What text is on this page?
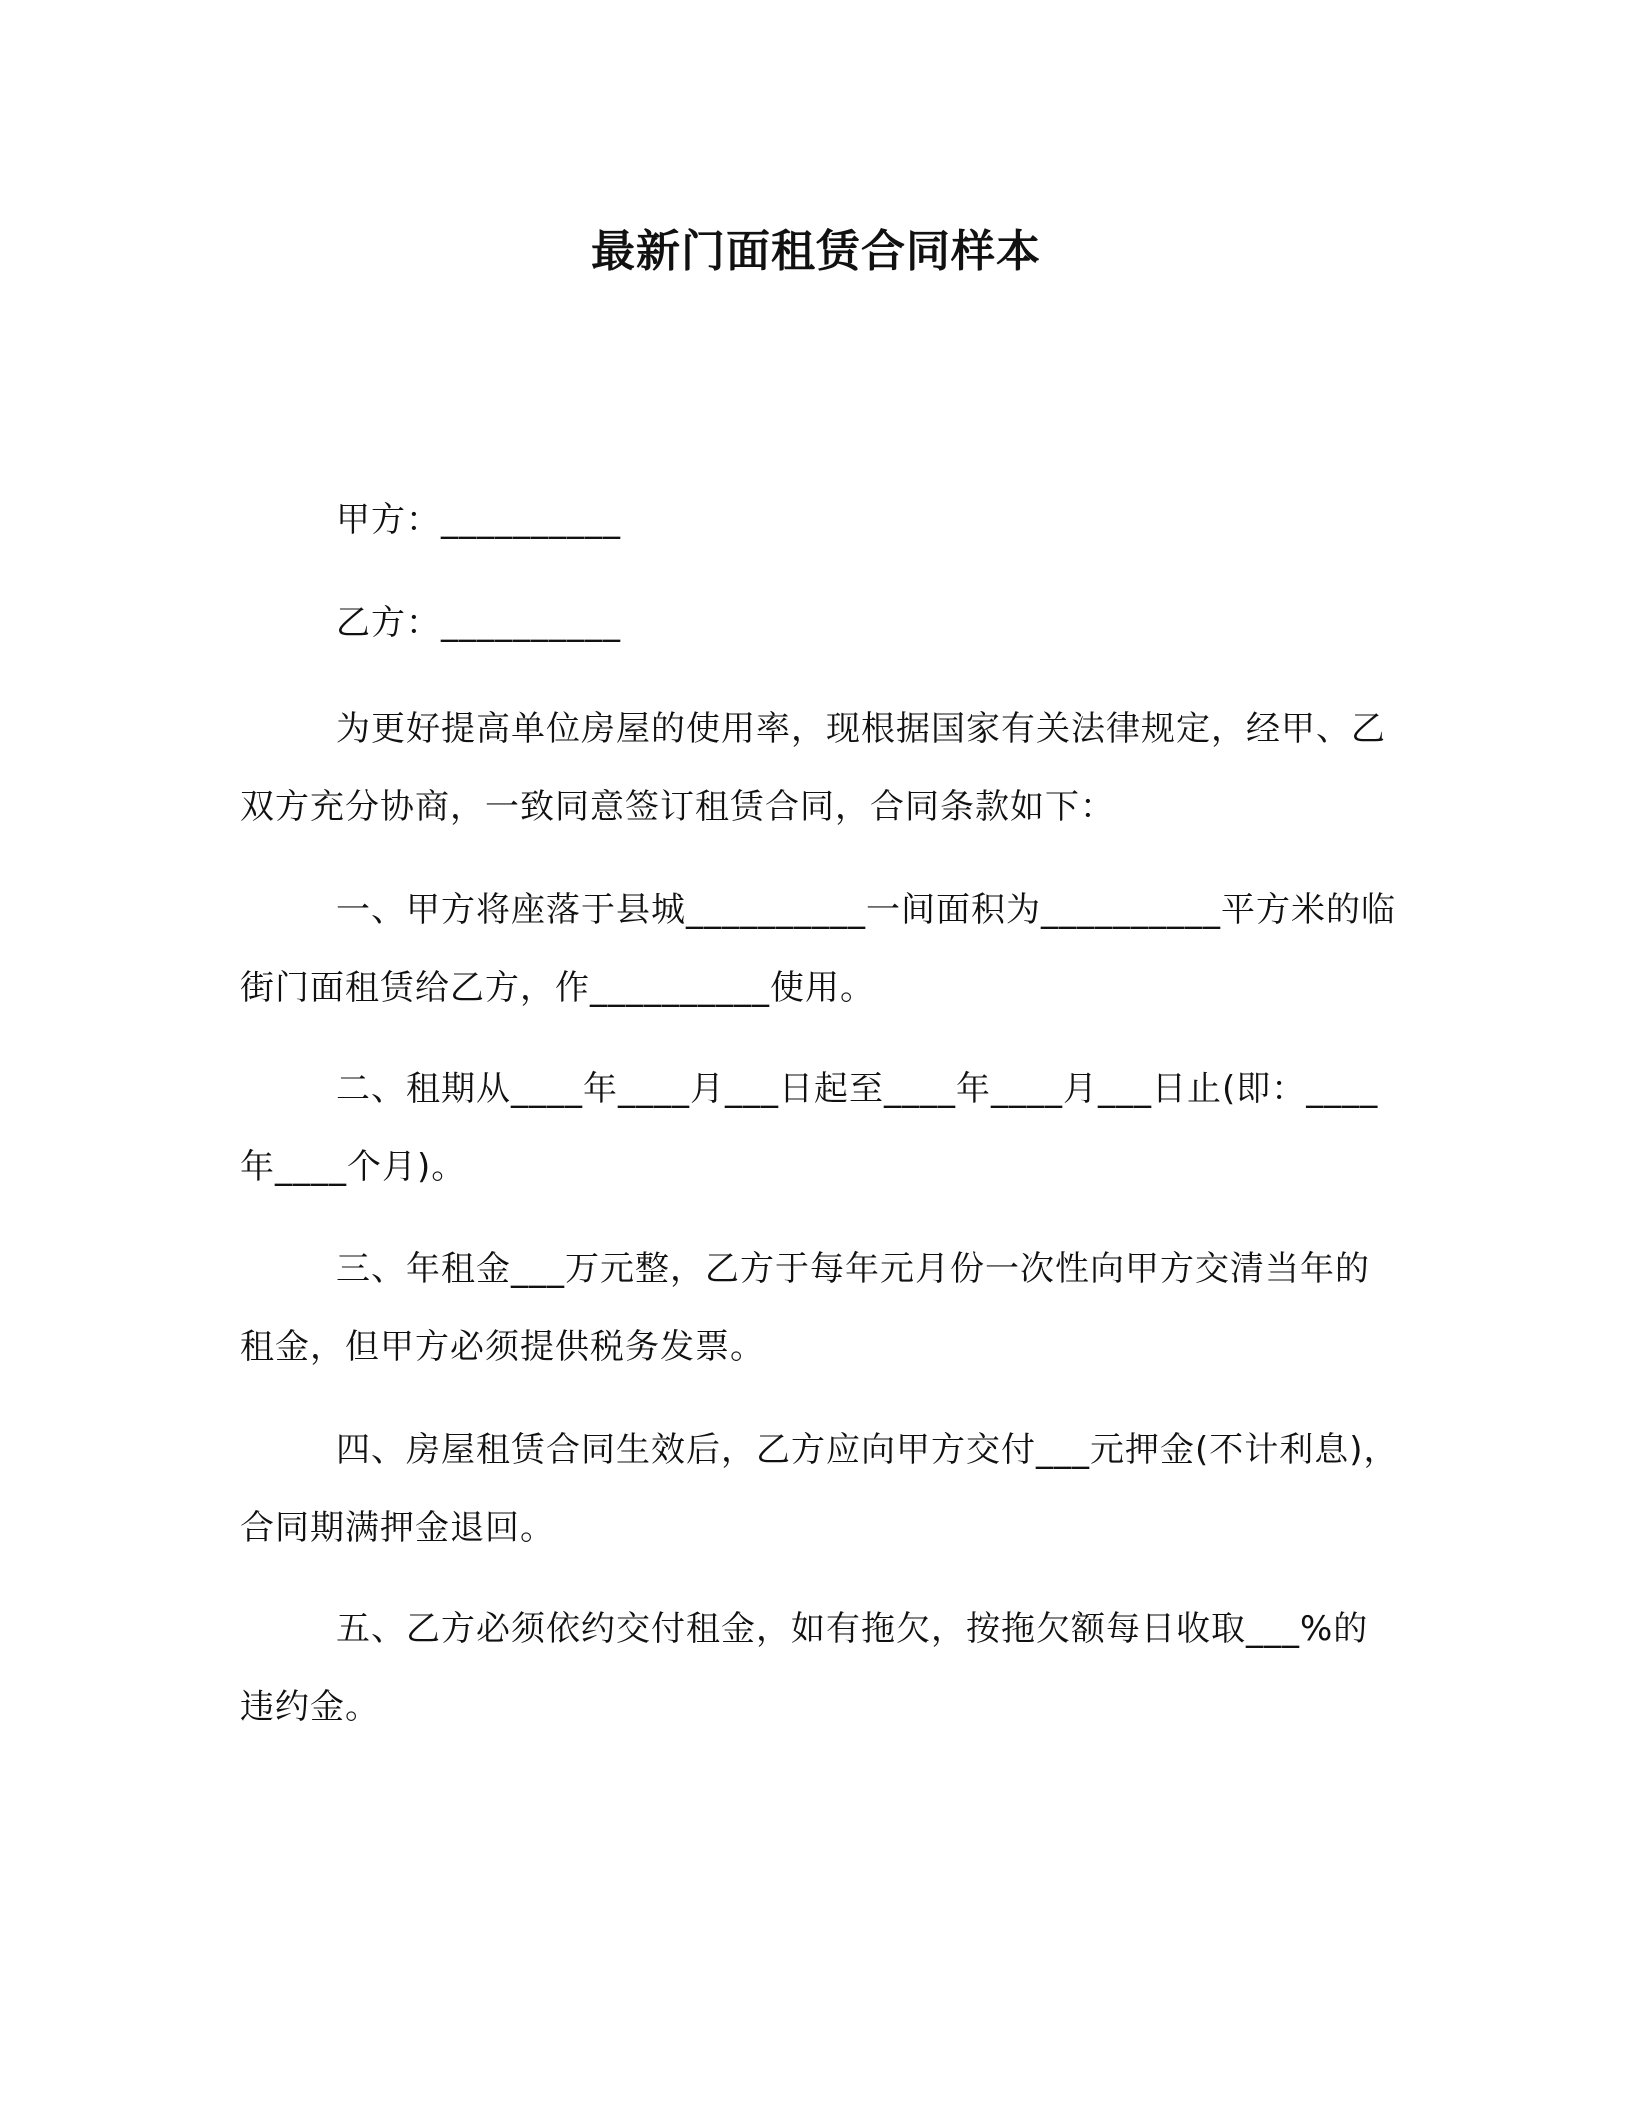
最新门面租赁合同样本

甲方：__________

乙方：__________

为更好提高单位房屋的使用率，现根据国家有关法律规定，经甲、乙双方充分协商，一致同意签订租赁合同，合同条款如下：

一、甲方将座落于县城__________一间面积为__________平方米的临街门面租赁给乙方，作__________使用。

二、租期从____年____月___日起至____年____月___日止(即：____年____个月)。

三、年租金___万元整，乙方于每年元月份一次性向甲方交清当年的租金，但甲方必须提供税务发票。

四、房屋租赁合同生效后，乙方应向甲方交付___元押金(不计利息)，合同期满押金退回。

五、乙方必须依约交付租金，如有拖欠，按拖欠额每日收取___%的违约金。
